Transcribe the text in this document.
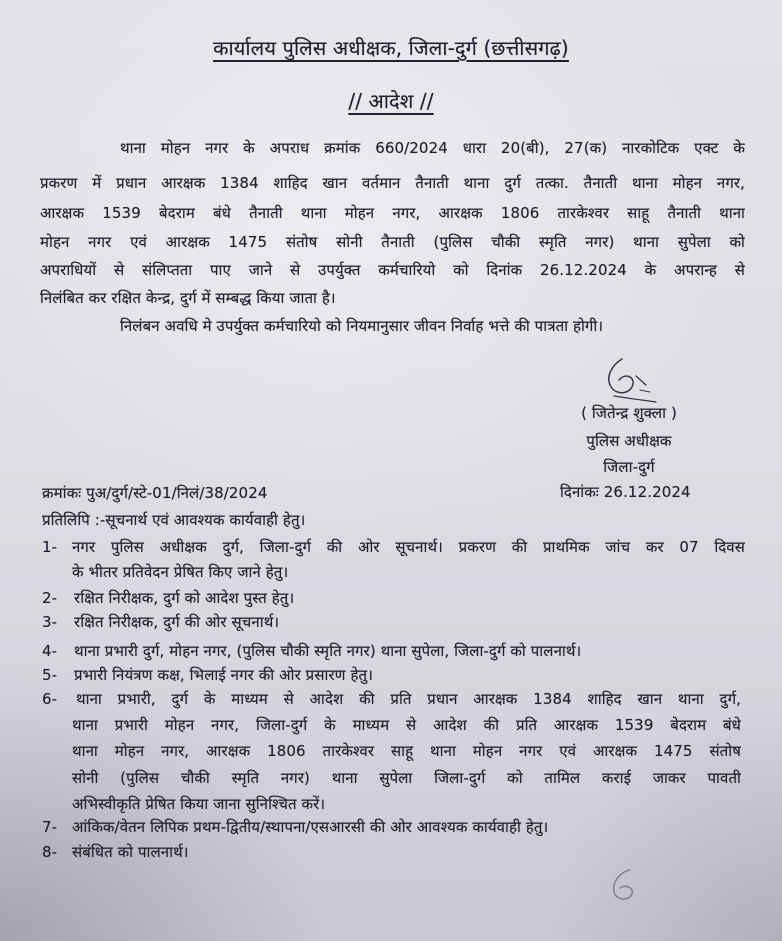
कार्यालय पुलिस अधीक्षक, जिला-दुर्ग (छत्तीसगढ़)
// आदेश //
थाना मोहन नगर के अपराध क्रमांक 660/2024 धारा 20(बी), 27(क) नारकोटिक एक्ट के
प्रकरण में प्रधान आरक्षक 1384 शाहिद खान वर्तमान तैनाती थाना दुर्ग तत्का. तैनाती थाना मोहन नगर,
आरक्षक 1539 बेदराम बंधे तैनाती थाना मोहन नगर, आरक्षक 1806 तारकेश्वर साहू तैनाती थाना
मोहन नगर एवं आरक्षक 1475 संतोष सोनी तैनाती (पुलिस चौकी स्मृति नगर) थाना सुपेला को
अपराधियों से संलिप्तता पाए जाने से उपर्युक्त कर्मचारियो को दिनांक 26.12.2024 के अपरान्ह से
निलंबित कर रक्षित केन्द्र, दुर्ग में सम्बद्ध किया जाता है।
निलंबन अवधि मे उपर्युक्त कर्मचारियो को नियमानुसार जीवन निर्वाह भत्ते की पात्रता होगी।
( जितेन्द्र शुक्ला )
पुलिस अधीक्षक
जिला-दुर्ग
क्रमांकः पुअ/दुर्ग/स्टे-01/निलं/38/2024	दिनांकः 26.12.2024
प्रतिलिपि :-सूचनार्थ एवं आवश्यक कार्यवाही हेतु।
1- नगर पुलिस अधीक्षक दुर्ग, जिला-दुर्ग की ओर सूचनार्थ। प्रकरण की प्राथमिक जांच कर 07 दिवस
के भीतर प्रतिवेदन प्रेषित किए जाने हेतु।
2-	रक्षित निरीक्षक, दुर्ग को आदेश पुस्त हेतु।
3-	रक्षित निरीक्षक, दुर्ग की ओर सूचनार्थ।
4-	थाना प्रभारी दुर्ग, मोहन नगर, (पुलिस चौकी स्मृति नगर) थाना सुपेला, जिला-दुर्ग को पालनार्थ।
5-	प्रभारी नियंत्रण कक्ष, भिलाई नगर की ओर प्रसारण हेतु।
6-	थाना प्रभारी, दुर्ग के माध्यम से आदेश की प्रति प्रधान आरक्षक 1384 शाहिद खान थाना दुर्ग,
थाना प्रभारी मोहन नगर, जिला-दुर्ग के माध्यम से आदेश की प्रति आरक्षक 1539 बेदराम बंधे
थाना मोहन नगर, आरक्षक 1806 तारकेश्वर साहू थाना मोहन नगर एवं आरक्षक 1475 संतोष
सोनी (पुलिस चौकी स्मृति नगर) थाना सुपेला जिला-दुर्ग को तामिल कराई जाकर पावती
अभिस्वीकृति प्रेषित किया जाना सुनिश्चित करें।
7- आंकिक/वेतन लिपिक प्रथम-द्वितीय/स्थापना/एसआरसी की ओर आवश्यक कार्यवाही हेतु।
8- संबंधित को पालनार्थ।
